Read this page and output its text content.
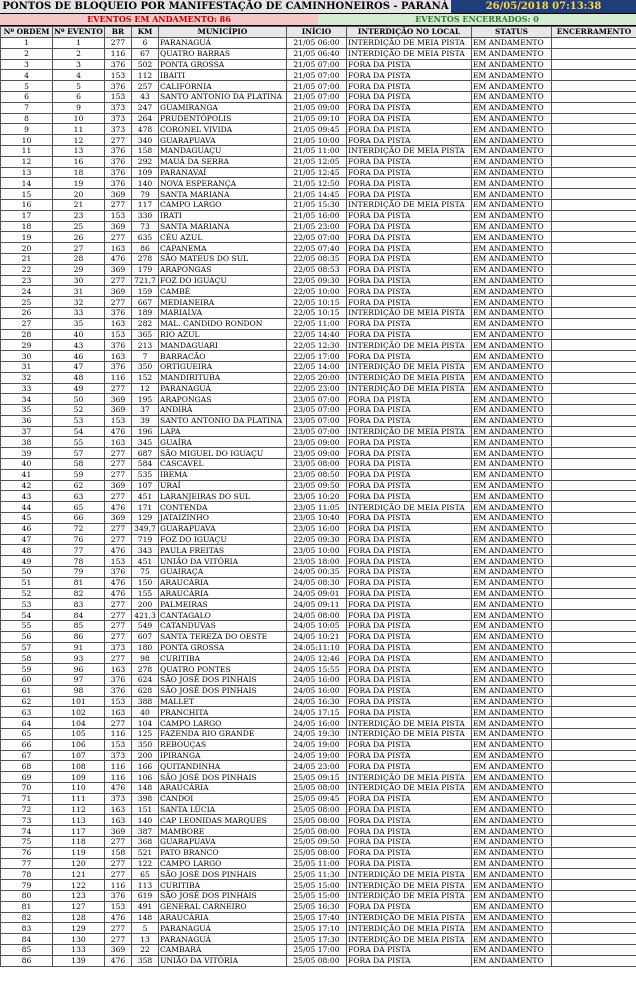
PONTOS DE BLOQUEIO POR MANIFESTAÇÃO DE CAMINHONEIROS - PARANÁ	26/05/2018 07:13:38
EVENTOS EM ANDAMENTO: 86	EVENTOS ENCERRADOS: 0
Nº ORDEM	Nº EVENTO	BR	KM	MUNICÍPIO	INÍCIO	INTERDIÇÃO NO LOCAL	STATUS	ENCERRAMENTO
1	1	277	6	PARANAGUÁ	21/05 06:00	INTERDIÇÃO DE MEIA PISTA	EM ANDAMENTO	
2	2	116	67	QUATRO BARRAS	21/05 06:40	INTERDIÇÃO DE MEIA PISTA	EM ANDAMENTO	
3	3	376	502	PONTA GROSSA	21/05 07:00	FORA DA PISTA	EM ANDAMENTO	
4	4	153	112	IBAITI	21/05 07:00	FORA DA PISTA	EM ANDAMENTO	
5	5	376	257	CALIFORNIA	21/05 07:00	FORA DA PISTA	EM ANDAMENTO	
6	6	153	43	SANTO ANTONIO DA PLATINA	21/05 07:00	FORA DA PISTA	EM ANDAMENTO	
7	9	373	247	GUAMIRANGA	21/05 09:00	FORA DA PISTA	EM ANDAMENTO	
8	10	373	264	PRUDENTÓPOLIS	21/05 09:10	FORA DA PISTA	EM ANDAMENTO	
9	11	373	478	CORONEL VIVIDA	21/05 09:45	FORA DA PISTA	EM ANDAMENTO	
10	12	277	340	GUARAPUAVA	21/05 10:00	FORA DA PISTA	EM ANDAMENTO	
11	13	376	158	MANDAGUAÇU	21/05 11:00	INTERDIÇÃO DE MEIA PISTA	EM ANDAMENTO	
12	16	376	292	MAUÁ DA SERRA	21/05 12:05	FORA DA PISTA	EM ANDAMENTO	
13	18	376	109	PARANAVAÍ	21/05 12:45	FORA DA PISTA	EM ANDAMENTO	
14	19	376	140	NOVA ESPERANÇA	21/05 12:50	FORA DA PISTA	EM ANDAMENTO	
15	20	369	79	SANTA MARIANA	21/05 14:45	FORA DA PISTA	EM ANDAMENTO	
16	21	277	117	CAMPO LARGO	21/05 15:30	INTERDIÇÃO DE MEIA PISTA	EM ANDAMENTO	
17	23	153	330	IRATI	21/05 16:00	FORA DA PISTA	EM ANDAMENTO	
18	25	369	73	SANTA MARIANA	21/05 23:00	FORA DA PISTA	EM ANDAMENTO	
19	26	277	635	CÉU AZUL	22/05 07:00	FORA DA PISTA	EM ANDAMENTO	
20	27	163	86	CAPANEMA	22/05 07:40	FORA DA PISTA	EM ANDAMENTO	
21	28	476	278	SÃO MATEUS DO SUL	22/05 08:35	FORA DA PISTA	EM ANDAMENTO	
22	29	369	179	ARAPONGAS	22/05 08:53	FORA DA PISTA	EM ANDAMENTO	
23	30	277	721,7	FOZ DO IGUAÇU	22/05 09:30	FORA DA PISTA	EM ANDAMENTO	
24	31	369	159	CAMBÉ	22/05 10:00	FORA DA PISTA	EM ANDAMENTO	
25	32	277	667	MEDIANEIRA	22/05 10:15	FORA DA PISTA	EM ANDAMENTO	
26	33	376	189	MARIALVA	22/05 10:15	INTERDIÇÃO DE MEIA PISTA	EM ANDAMENTO	
27	35	163	282	MAL. CANDIDO RONDON	22/05 11:00	FORA DA PISTA	EM ANDAMENTO	
28	40	153	365	RIO AZUL	22/05 14:40	FORA DA PISTA	EM ANDAMENTO	
29	43	376	213	MANDAGUARI	22/05 12:30	INTERDIÇÃO DE MEIA PISTA	EM ANDAMENTO	
30	46	163	7	BARRACÃO	22/05 17:00	FORA DA PISTA	EM ANDAMENTO	
31	47	376	350	ORTIGUEIRA	22/05 14:00	INTERDIÇÃO DE MEIA PISTA	EM ANDAMENTO	
32	48	116	152	MANDIRITUBA	22/05 20:00	INTERDIÇÃO DE MEIA PISTA	EM ANDAMENTO	
33	49	277	12	PARANAGUÁ	22/05 23:00	INTERDIÇÃO DE MEIA PISTA	EM ANDAMENTO	
34	50	369	195	ARAPONGAS	23/05 07:00	FORA DA PISTA	EM ANDAMENTO	
35	52	369	37	ANDIRÁ	23/05 07:00	FORA DA PISTA	EM ANDAMENTO	
36	53	153	39	SANTO ANTONIO DA PLATINA	23/05 07:00	FORA DA PISTA	EM ANDAMENTO	
37	54	476	196	LAPA	23/05 07:00	INTERDIÇÃO DE MEIA PISTA	EM ANDAMENTO	
38	55	163	345	GUAÍRA	23/05 09:00	FORA DA PISTA	EM ANDAMENTO	
39	57	277	687	SÃO MIGUEL DO IGUAÇU	23/05 09:00	FORA DA PISTA	EM ANDAMENTO	
40	58	277	584	CASCAVEL	23/05 08:00	FORA DA PISTA	EM ANDAMENTO	
41	59	277	535	IBEMA	23/05 08:50	FORA DA PISTA	EM ANDAMENTO	
42	62	369	107	URAÍ	23/05 09:50	FORA DA PISTA	EM ANDAMENTO	
43	63	277	451	LARANJEIRAS DO SUL	23/05 10:20	FORA DA PISTA	EM ANDAMENTO	
44	65	476	171	CONTENDA	23/05 11:05	INTERDIÇÃO DE MEIA PISTA	EM ANDAMENTO	
45	66	369	129	JATAIZINHO	23/05 10:40	FORA DA PISTA	EM ANDAMENTO	
46	72	277	349,7	GUARAPUAVA	23/05 16:00	FORA DA PISTA	EM ANDAMENTO	
47	76	277	719	FOZ DO IGUAÇU	22/05 09:30	FORA DA PISTA	EM ANDAMENTO	
48	77	476	343	PAULA FREITAS	23/05 10:00	FORA DA PISTA	EM ANDAMENTO	
49	78	153	451	UNIÃO DA VITÓRIA	23/05 18:00	FORA DA PISTA	EM ANDAMENTO	
50	79	376	75	GUAIRAÇA	24/05 00:35	FORA DA PISTA	EM ANDAMENTO	
51	81	476	150	ARAUCÁRIA	24/05 08:30	FORA DA PISTA	EM ANDAMENTO	
52	82	476	155	ARAUCÁRIA	24/05 09:01	FORA DA PISTA	EM ANDAMENTO	
53	83	277	200	PALMEIRAS	24/05 09:11	FORA DA PISTA	EM ANDAMENTO	
54	84	277	421,3	CANTAGALO	24/05 08:00	FORA DA PISTA	EM ANDAMENTO	
55	85	277	549	CATANDUVAS	24/05 10:05	FORA DA PISTA	EM ANDAMENTO	
56	86	277	607	SANTA TEREZA DO OESTE	24/05 10:21	FORA DA PISTA	EM ANDAMENTO	
57	91	373	180	PONTA GROSSA	24:05:11:10	FORA DA PISTA	EM ANDAMENTO	
58	93	277	98	CURITIBA	24/05 12:46	FORA DA PISTA	EM ANDAMENTO	
59	96	163	278	QUATRO PONTES	24/05 15:55	FORA DA PISTA	EM ANDAMENTO	
60	97	376	624	SÃO JOSÉ DOS PINHAIS	24/05 16:00	FORA DA PISTA	EM ANDAMENTO	
61	98	376	628	SÃO JOSÉ DOS PINHAIS	24/05 16:00	FORA DA PISTA	EM ANDAMENTO	
62	101	153	388	MALLET	24/05 16:30	FORA DA PISTA	EM ANDAMENTO	
63	102	163	40	PRANCHITA	24/05 17:15	FORA DA PISTA	EM ANDAMENTO	
64	104	277	104	CAMPO LARGO	24/05 16:00	INTERDIÇÃO DE MEIA PISTA	EM ANDAMENTO	
65	105	116	125	FAZENDA RIO GRANDE	24/05 19:30	INTERDIÇÃO DE MEIA PISTA	EM ANDAMENTO	
66	106	153	350	REBOUÇAS	24/05 19:00	FORA DA PISTA	EM ANDAMENTO	
67	107	373	200	IPIRANGA	24/05 19:00	FORA DA PISTA	EM ANDAMENTO	
68	108	116	166	QUITANDINHA	24/05 23:00	FORA DA PISTA	EM ANDAMENTO	
69	109	116	106	SÃO JOSÉ DOS PINHAIS	25/05 09:15	INTERDIÇÃO DE MEIA PISTA	EM ANDAMENTO	
70	110	476	148	ARAUCÁRIA	25/05 08:00	INTERDIÇÃO DE MEIA PISTA	EM ANDAMENTO	
71	111	373	398	CANDOI	25/05 09:45	FORA DA PISTA	EM ANDAMENTO	
72	112	163	151	SANTA LÚCIA	25/05 08:00	FORA DA PISTA	EM ANDAMENTO	
73	113	163	140	CAP LEONIDAS MARQUES	25/05 08:00	FORA DA PISTA	EM ANDAMENTO	
74	117	369	387	MAMBORE	25/05 08:00	FORA DA PISTA	EM ANDAMENTO	
75	118	277	368	GUARAPUAVA	25/05 09:50	FORA DA PISTA	EM ANDAMENTO	
76	119	158	521	PATO BRANCO	25/05 08:00	FORA DA PISTA	EM ANDAMENTO	
77	120	277	122	CAMPO LARGO	25/05 11:00	FORA DA PISTA	EM ANDAMENTO	
78	121	277	65	SÃO JOSÉ DOS PINHAIS	25/05 11:30	INTERDIÇÃO DE MEIA PISTA	EM ANDAMENTO	
79	122	116	113	CURITIBA	25/05 15:00	INTERDIÇÃO DE MEIA PISTA	EM ANDAMENTO	
80	123	376	619	SÃO JOSÉ DOS PINHAIS	25/05 15:00	INTERDIÇÃO DE MEIA PISTA	EM ANDAMENTO	
81	127	153	491	GENERAL CARNEIRO	25/05 16:30	FORA DA PISTA	EM ANDAMENTO	
82	128	476	148	ARAUCÁRIA	25/05 17:40	INTERDIÇÃO DE MEIA PISTA	EM ANDAMENTO	
83	129	277	5	PARANAGUÁ	25/05 17:10	INTERDIÇÃO DE MEIA PISTA	EM ANDAMENTO	
84	130	277	13	PARANAGUÁ	25/05 17:30	INTERDIÇÃO DE MEIA PISTA	EM ANDAMENTO	
85	133	369	22	CAMBARÁ	25/05 17:00	FORA DA PISTA	EM ANDAMENTO	
86	139	476	358	UNIÃO DA VITÓRIA	25/05 08:00	FORA DA PISTA	EM ANDAMENTO	
